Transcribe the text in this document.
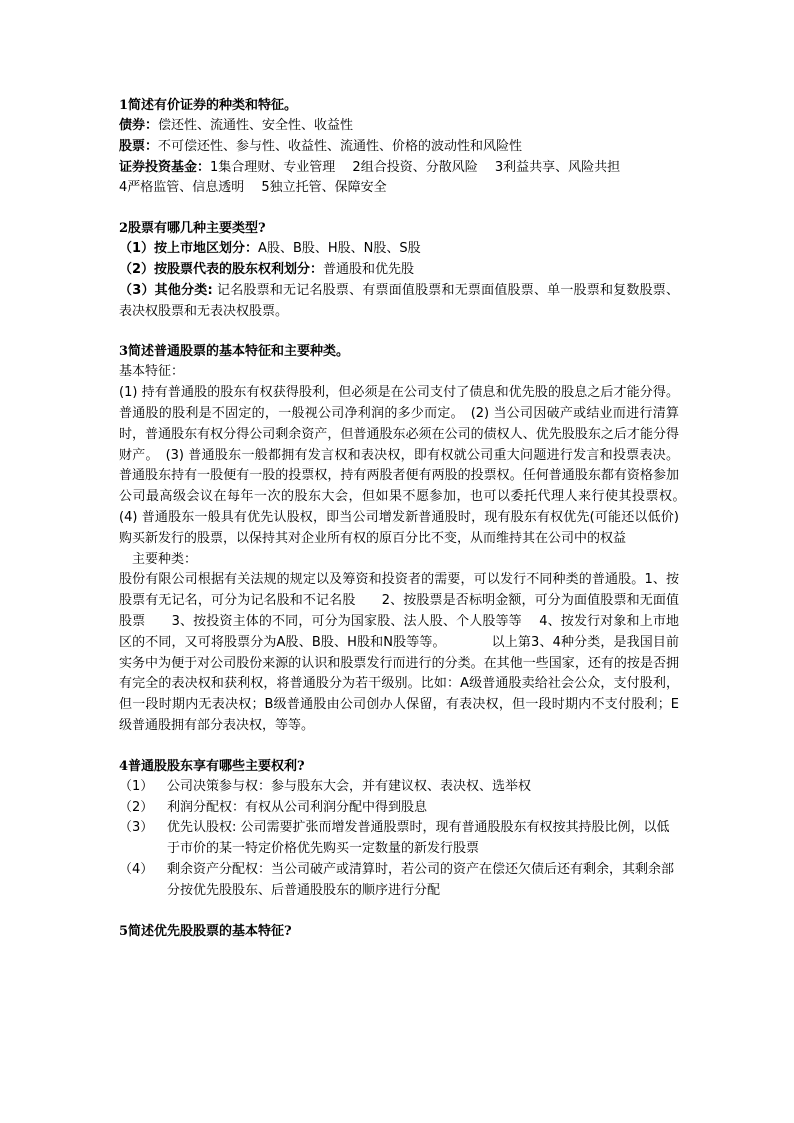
1简述有价证券的种类和特征。
债券：偿还性、流通性、安全性、收益性
股票：不可偿还性、参与性、收益性、流通性、价格的波动性和风险性
证券投资基金：1集合理财、专业管理　 2组合投资、分散风险　 3利益共享、风险共担
4严格监管、信息透明　 5独立托管、保障安全
2股票有哪几种主要类型?
（1）按上市地区划分：A股、B股、H股、N股、S股
（2）按股票代表的股东权利划分：普通股和优先股
（3）其他分类: 记名股票和无记名股票、有票面值股票和无票面值股票、单一股票和复数股票、表决权股票和无表决权股票。
3简述普通股票的基本特征和主要种类。
基本特征：
(1) 持有普通股的股东有权获得股利，但必须是在公司支付了债息和优先股的股息之后才能分得。普通股的股利是不固定的，一般视公司净利润的多少而定。　(2) 当公司因破产或结业而进行清算时，普通股东有权分得公司剩余资产，但普通股东必须在公司的债权人、优先股股东之后才能分得财产。　(3) 普通股东一般都拥有发言权和表决权，即有权就公司重大问题进行发言和投票表决。普通股东持有一股便有一股的投票权，持有两股者便有两股的投票权。任何普通股东都有资格参加公司最高级会议在每年一次的股东大会，但如果不愿参加，也可以委托代理人来行使其投票权。　(4) 普通股东一般具有优先认股权，即当公司增发新普通股时，现有股东有权优先(可能还以低价)购买新发行的股票，以保持其对企业所有权的原百分比不变，从而维持其在公司中的权益
　主要种类：
股份有限公司根据有关法规的规定以及筹资和投资者的需要，可以发行不同种类的普通股。1、按股票有无记名，可分为记名股和不记名股　　2、按股票是否标明金额，可分为面值股票和无面值股票　　3、按投资主体的不同，可分为国家股、法人股、个人股等等　 4、按发行对象和上市地区的不同，又可将股票分为A股、B股、H股和N股等等。　　　　以上第3、4种分类，是我国目前实务中为便于对公司股份来源的认识和股票发行而进行的分类。在其他一些国家，还有的按是否拥有完全的表决权和获利权，将普通股分为若干级别。比如：A级普通股卖给社会公众，支付股利，但一段时期内无表决权；B级普通股由公司创办人保留，有表决权，但一段时期内不支付股利；E级普通股拥有部分表决权，等等。
4普通股股东享有哪些主要权利?
（1）	公司决策参与权：参与股东大会，并有建议权、表决权、选举权
（2）	利润分配权：有权从公司利润分配中得到股息
（3）	优先认股权: 公司需要扩张而增发普通股票时，现有普通股股东有权按其持股比例，以低于市价的某一特定价格优先购买一定数量的新发行股票
（4）	剩余资产分配权：当公司破产或清算时，若公司的资产在偿还欠债后还有剩余，其剩余部分按优先股股东、后普通股股东的顺序进行分配
5简述优先股股票的基本特征?
